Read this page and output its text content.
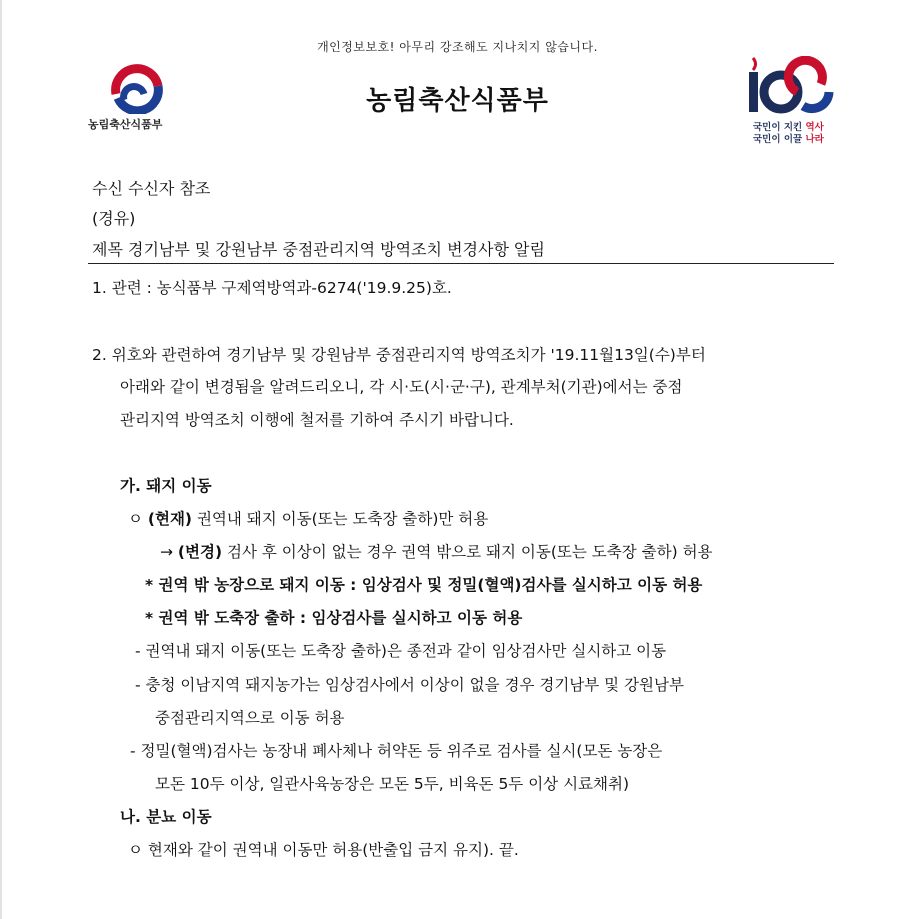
개인정보보호! 아무리 강조해도 지나치지 않습니다.
농림축산식품부
농림축산식품부
국민이 지킨 역사
국민이 이끌 나라
수신 수신자 참조
(경유)
제목 경기남부 및 강원남부 중점관리지역 방역조치 변경사항 알림
1. 관련 : 농식품부 구제역방역과-6274('19.9.25)호.
2. 위호와 관련하여 경기남부 및 강원남부 중점관리지역 방역조치가 '19.11월13일(수)부터
아래와 같이 변경됨을 알려드리오니, 각 시·도(시·군·구), 관계부처(기관)에서는 중점
관리지역 방역조치 이행에 철저를 기하여 주시기 바랍니다.
가. 돼지 이동
ㅇ (현재) 권역내 돼지 이동(또는 도축장 출하)만 허용
→ (변경) 검사 후 이상이 없는 경우 권역 밖으로 돼지 이동(또는 도축장 출하) 허용
* 권역 밖 농장으로 돼지 이동 : 임상검사 및 정밀(혈액)검사를 실시하고 이동 허용
* 권역 밖 도축장 출하 : 임상검사를 실시하고 이동 허용
- 권역내 돼지 이동(또는 도축장 출하)은 종전과 같이 임상검사만 실시하고 이동
- 충청 이남지역 돼지농가는 임상검사에서 이상이 없을 경우 경기남부 및 강원남부
중점관리지역으로 이동 허용
- 정밀(혈액)검사는 농장내 폐사체나 허약돈 등 위주로 검사를 실시(모돈 농장은
모돈 10두 이상, 일관사육농장은 모돈 5두, 비육돈 5두 이상 시료채취)
나. 분뇨 이동
ㅇ 현재와 같이 권역내 이동만 허용(반출입 금지 유지). 끝.
